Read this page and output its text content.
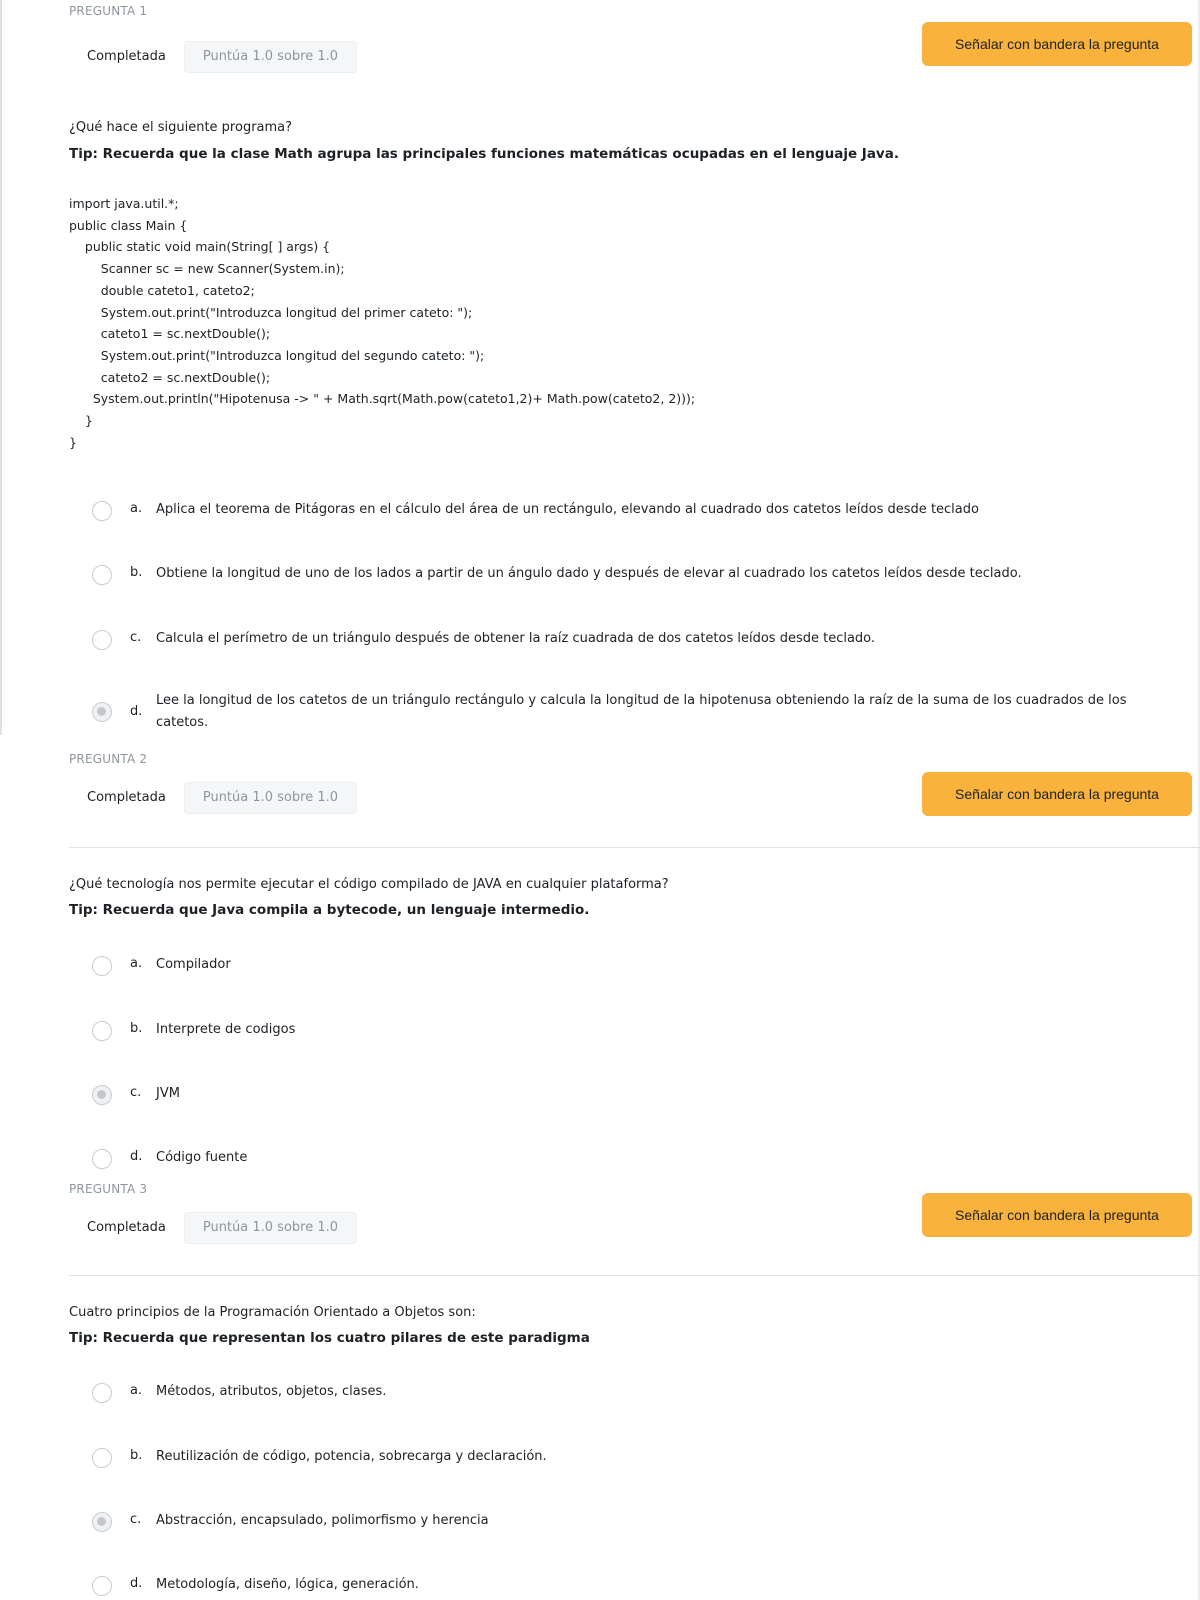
PREGUNTA 1
Completada	Puntúa 1.0 sobre 1.0
Señalar con bandera la pregunta
¿Qué hace el siguiente programa?
Tip: Recuerda que la clase Math agrupa las principales funciones matemáticas ocupadas en el lenguaje Java.
import java.util.*;
public class Main {
public static void main(String[ ] args) {
Scanner sc = new Scanner(System.in);
double cateto1, cateto2;
System.out.print("Introduzca longitud del primer cateto: ");
cateto1 = sc.nextDouble();
System.out.print("Introduzca longitud del segundo cateto: ");
cateto2 = sc.nextDouble();
System.out.println("Hipotenusa -> " + Math.sqrt(Math.pow(cateto1,2)+ Math.pow(cateto2, 2)));
}
}
a.	Aplica el teorema de Pitágoras en el cálculo del área de un rectángulo, elevando al cuadrado dos catetos leídos desde teclado
b.	Obtiene la longitud de uno de los lados a partir de un ángulo dado y después de elevar al cuadrado los catetos leídos desde teclado.
c.	Calcula el perímetro de un triángulo después de obtener la raíz cuadrada de dos catetos leídos desde teclado.
d.
Lee la longitud de los catetos de un triángulo rectángulo y calcula la longitud de la hipotenusa obteniendo la raíz de la suma de los cuadrados de los catetos.
PREGUNTA 2
Completada	Puntúa 1.0 sobre 1.0	Señalar con bandera la pregunta
¿Qué tecnología nos permite ejecutar el código compilado de JAVA en cualquier plataforma?
Tip: Recuerda que Java compila a bytecode, un lenguaje intermedio.
a.	Compilador
b.	Interprete de codigos
c.	JVM
d.	Código fuente
PREGUNTA 3
Completada	Puntúa 1.0 sobre 1.0
Señalar con bandera la pregunta
Cuatro principios de la Programación Orientado a Objetos son:
Tip: Recuerda que representan los cuatro pilares de este paradigma
a.	Métodos, atributos, objetos, clases.
b.	Reutilización de código, potencia, sobrecarga y declaración.
c.	Abstracción, encapsulado, polimorfismo y herencia
d.	Metodología, diseño, lógica, generación.
